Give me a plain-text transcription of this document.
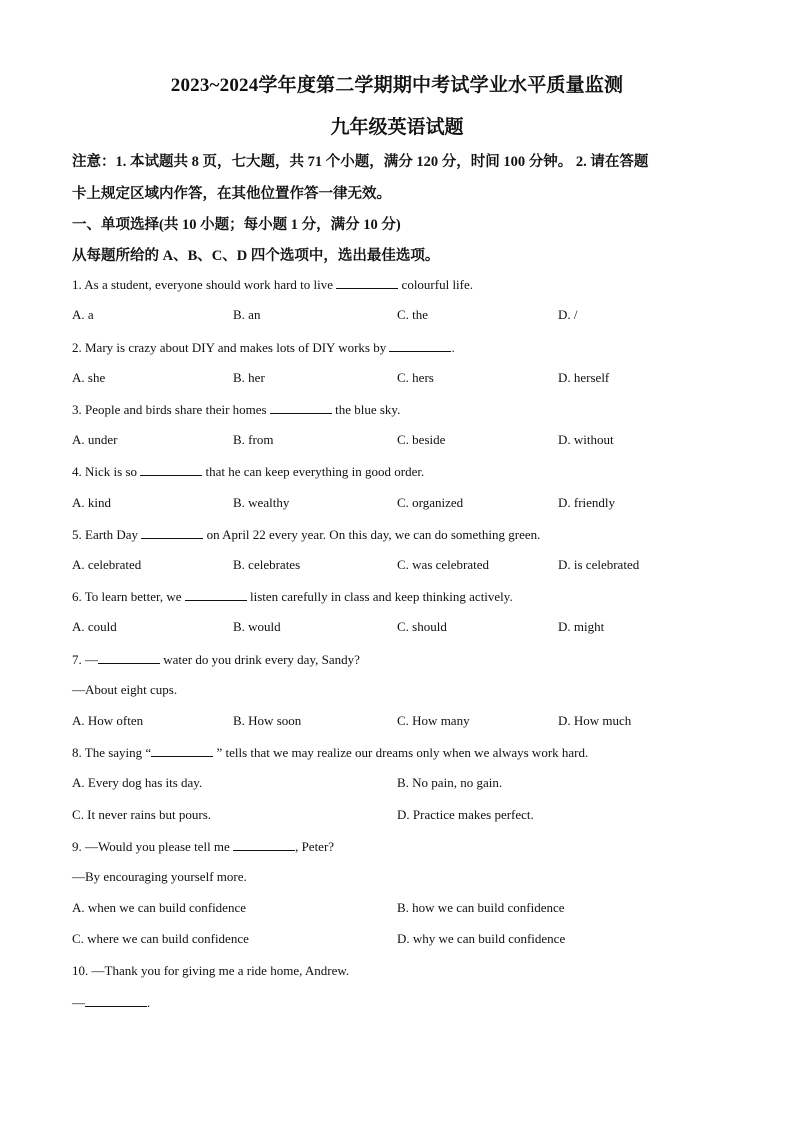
2023~2024学年度第二学期期中考试学业水平质量监测
九年级英语试题
注意：1. 本试题共 8 页，七大题，共 71 个小题，满分 120 分，时间 100 分钟。 2. 请在答题
卡上规定区域内作答，在其他位置作答一律无效。
一、单项选择(共 10 小题；每小题 1 分，满分 10 分)
从每题所给的 A、B、C、D 四个选项中，选出最佳选项。
1. As a student, everyone should work hard to live	colourful life.
A. a	B. an	C. the	D. /
2. Mary is crazy about DIY and makes lots of DIY works by	.
A. she	B. her	C. hers	D. herself
3. People and birds share their homes	the blue sky.
A. under	B. from	C. beside	D. without
4. Nick is so	that he can keep everything in good order.
A. kind	B. wealthy	C. organized	D. friendly
5. Earth Day	on April 22 every year. On this day, we can do something green.
A. celebrated	B. celebrates	C. was celebrated	D. is celebrated
6. To learn better, we	listen carefully in class and keep thinking actively.
A. could	B. would	C. should	D. might
7. —	water do you drink every day, Sandy?
—About eight cups.
A. How often	B. How soon	C. How many	D. How much
8. The saying “	” tells that we may realize our dreams only when we always work hard.
A. Every dog has its day.	B. No pain, no gain.
C. It never rains but pours.	D. Practice makes perfect.
9. —Would you please tell me	, Peter?
—By encouraging yourself more.
A. when we can build confidence	B. how we can build confidence
C. where we can build confidence	D. why we can build confidence
10. —Thank you for giving me a ride home, Andrew.
—	.
